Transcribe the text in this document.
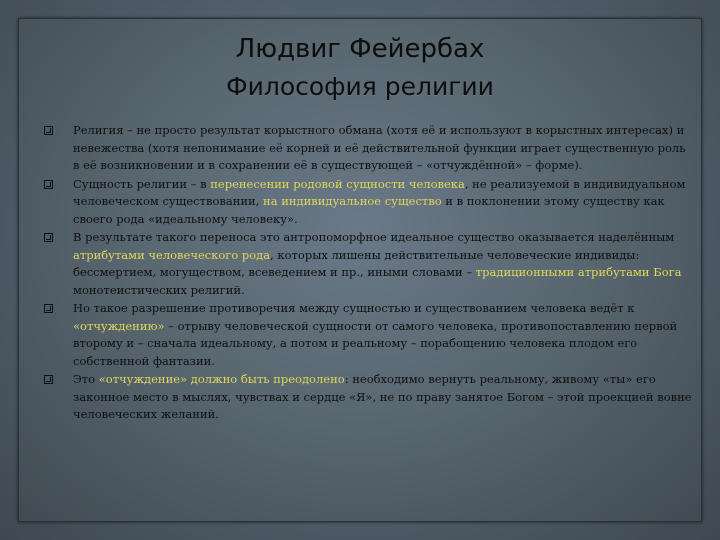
Людвиг Фейербах
Философия религии
Религия – не просто результат корыстного обмана (хотя её и используют в корыстных интересах) и невежества (хотя непонимание её корней и её действительной функции играет существенную роль в её возникновении и в сохранении её в существующей – «отчуждённой» – форме).
Сущность религии – в перенесении родовой сущности человека, не реализуемой в индивидуальном человеческом существовании, на индивидуальное существо и в поклонении этому существу как своего рода «идеальному человеку».
В результате такого переноса это антропоморфное идеальное существо оказывается наделённым атрибутами человеческого рода, которых лишены действительные человеческие индивиды: бессмертием, могуществом, всеведением и пр., иными словами – традиционными атрибутами Бога монотеистических религий.
Но такое разрешение противоречия между сущностью и существованием человека ведёт к «отчуждению» – отрыву человеческой сущности от самого человека, противопоставлению первой второму и – сначала идеальному, а потом и реальному – порабощению человека плодом его собственной фантазии.
Это «отчуждение» должно быть преодолено: необходимо вернуть реальному, живому «ты» его законное место в мыслях, чувствах и сердце «Я», не по праву занятое Богом – этой проекцией вовне человеческих желаний.
